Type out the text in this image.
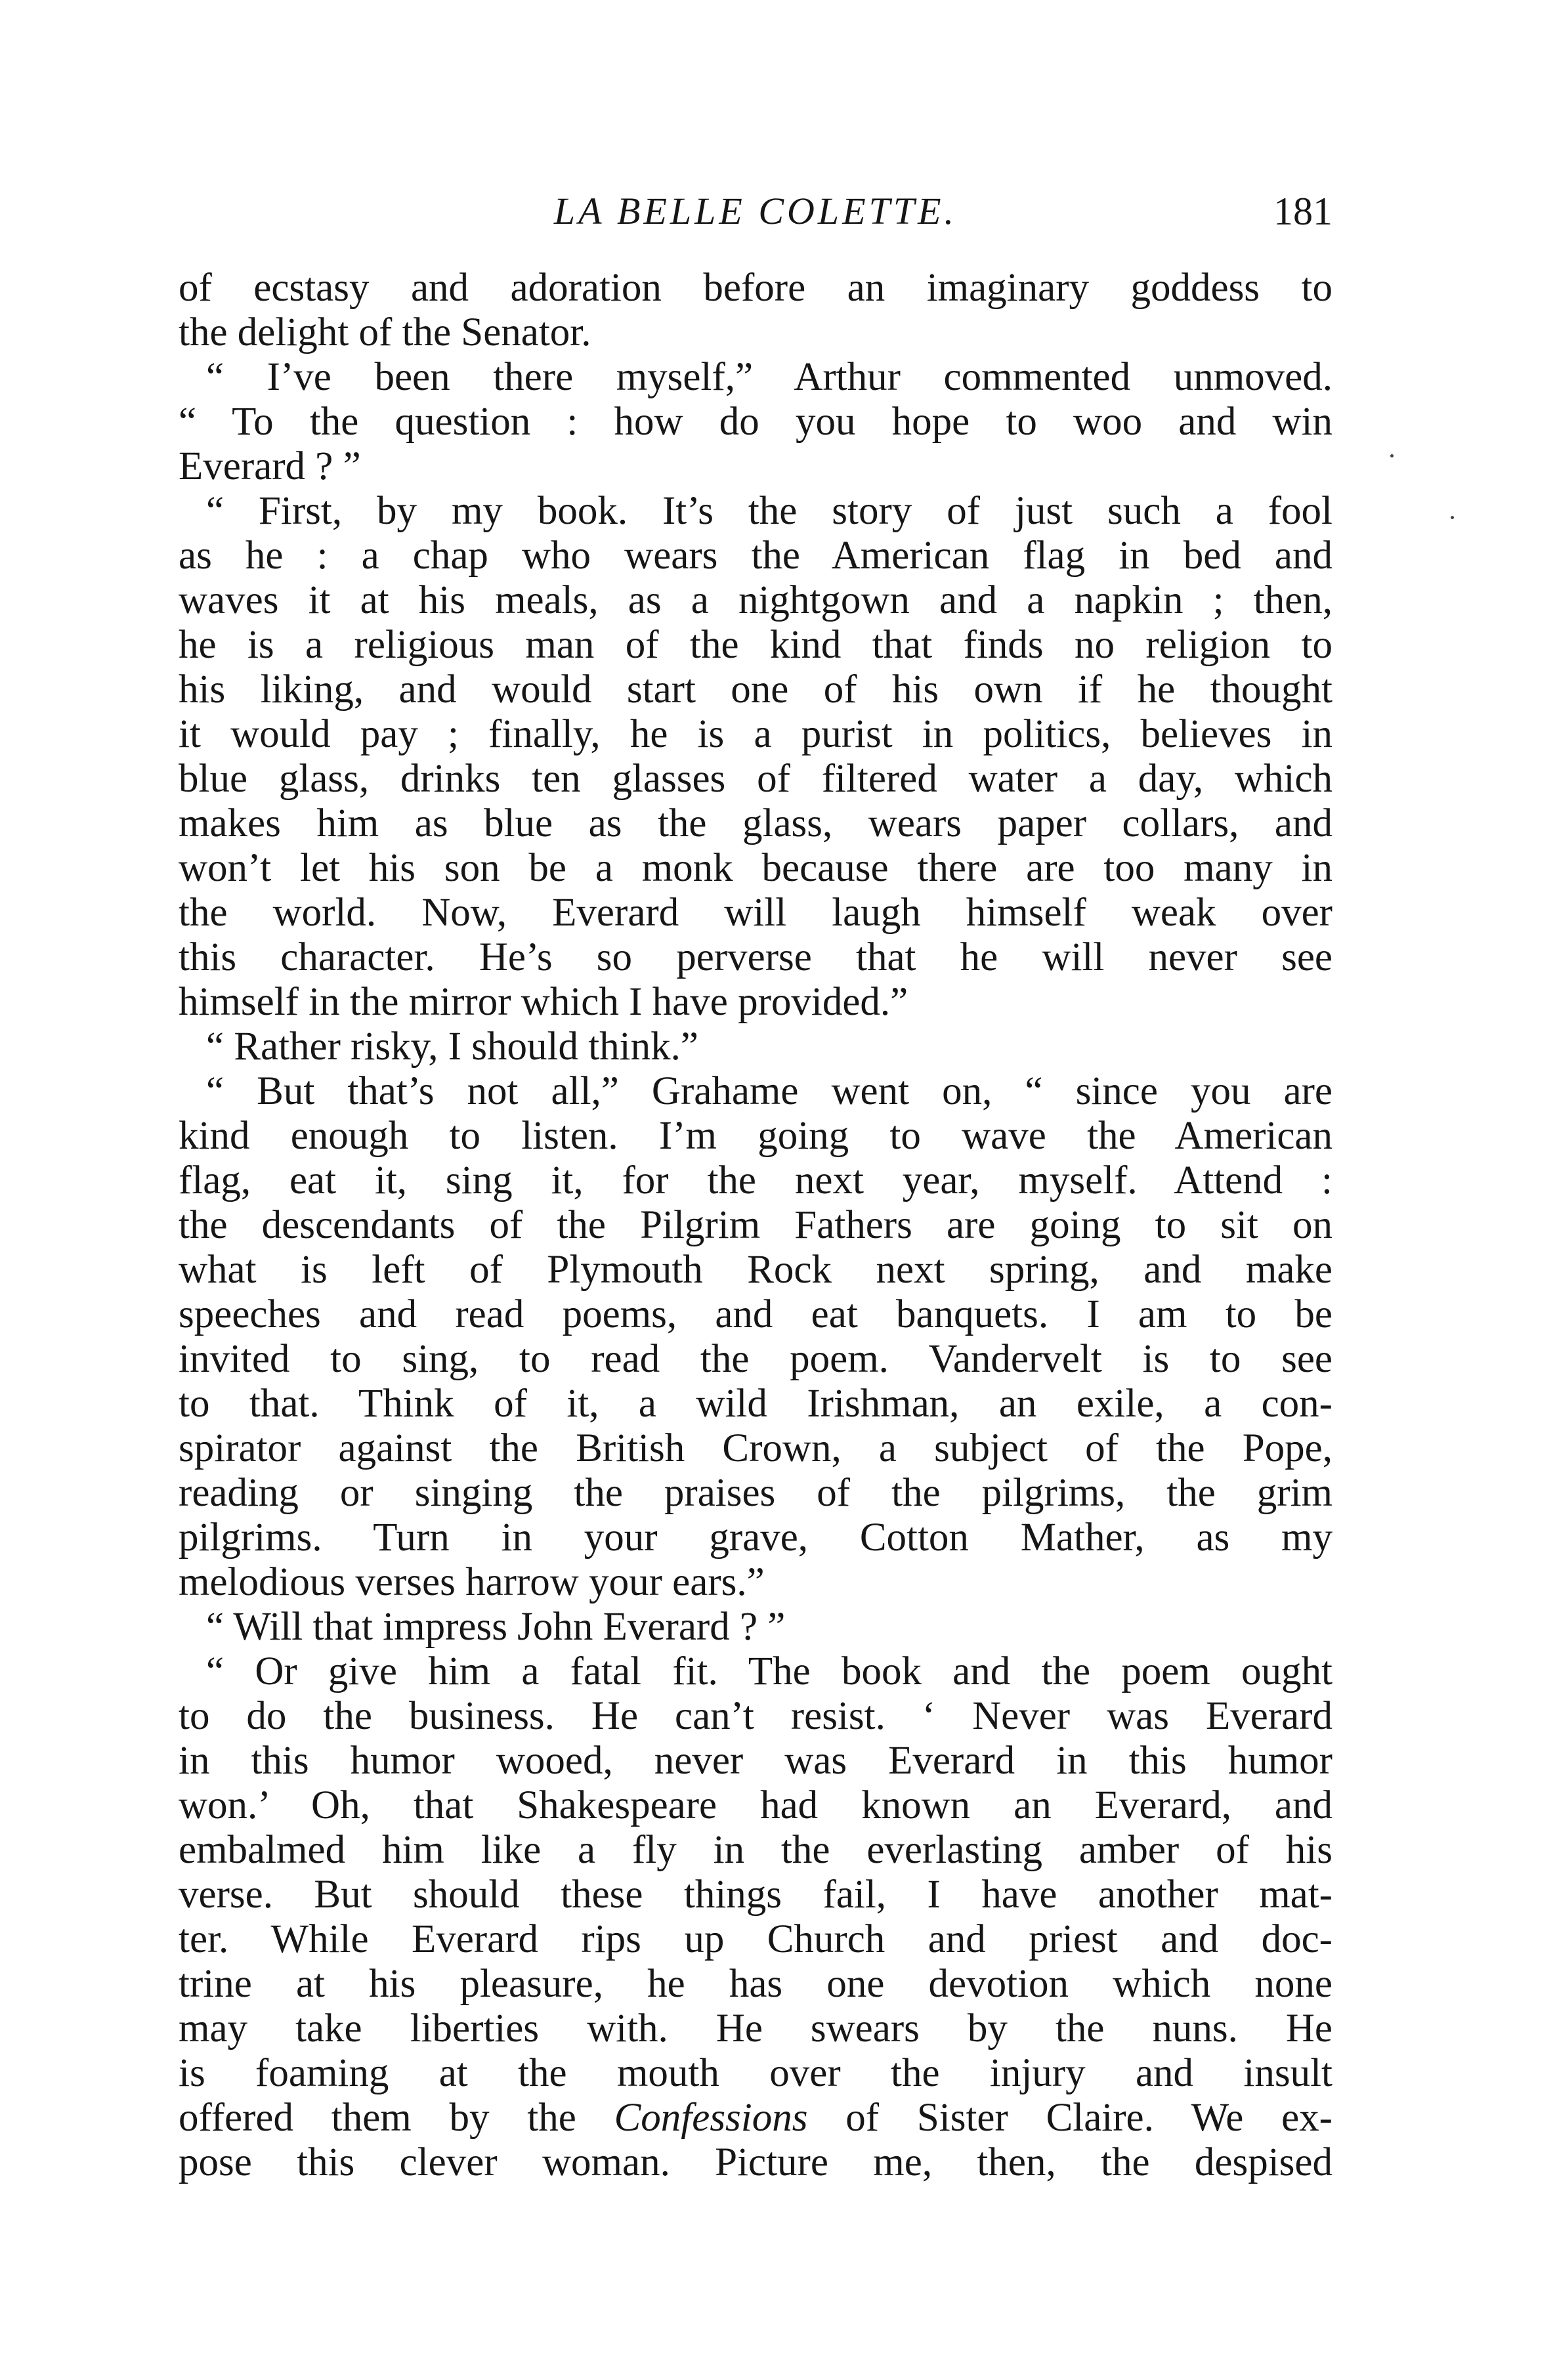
LA BELLE COLETTE.	181
of ecstasy and adoration before an imaginary goddess to
the delight of the Senator.
“ I’ve been there myself,” Arthur commented unmoved.
“ To the question : how do you hope to woo and win
Everard ? ”
“ First, by my book. It’s the story of just such a fool
as he : a chap who wears the American flag in bed and
waves it at his meals, as a nightgown and a napkin ; then,
he is a religious man of the kind that finds no religion to
his liking, and would start one of his own if he thought
it would pay ; finally, he is a purist in politics, believes in
blue glass, drinks ten glasses of filtered water a day, which
makes him as blue as the glass, wears paper collars, and
won’t let his son be a monk because there are too many in
the world. Now, Everard will laugh himself weak over
this character. He’s so perverse that he will never see
himself in the mirror which I have provided.”
“ Rather risky, I should think.”
“ But that’s not all,” Grahame went on, “ since you are
kind enough to listen. I’m going to wave the American
flag, eat it, sing it, for the next year, myself. Attend :
the descendants of the Pilgrim Fathers are going to sit on
what is left of Plymouth Rock next spring, and make
speeches and read poems, and eat banquets. I am to be
invited to sing, to read the poem. Vandervelt is to see
to that. Think of it, a wild Irishman, an exile, a con-
spirator against the British Crown, a subject of the Pope,
reading or singing the praises of the pilgrims, the grim
pilgrims. Turn in your grave, Cotton Mather, as my
melodious verses harrow your ears.”
“ Will that impress John Everard ? ”
“ Or give him a fatal fit. The book and the poem ought
to do the business. He can’t resist. ‘ Never was Everard
in this humor wooed, never was Everard in this humor
won.’ Oh, that Shakespeare had known an Everard, and
embalmed him like a fly in the everlasting amber of his
verse. But should these things fail, I have another mat-
ter. While Everard rips up Church and priest and doc-
trine at his pleasure, he has one devotion which none
may take liberties with. He swears by the nuns. He
is foaming at the mouth over the injury and insult
offered them by the Confessions of Sister Claire. We ex-
pose this clever woman. Picture me, then, the despised
